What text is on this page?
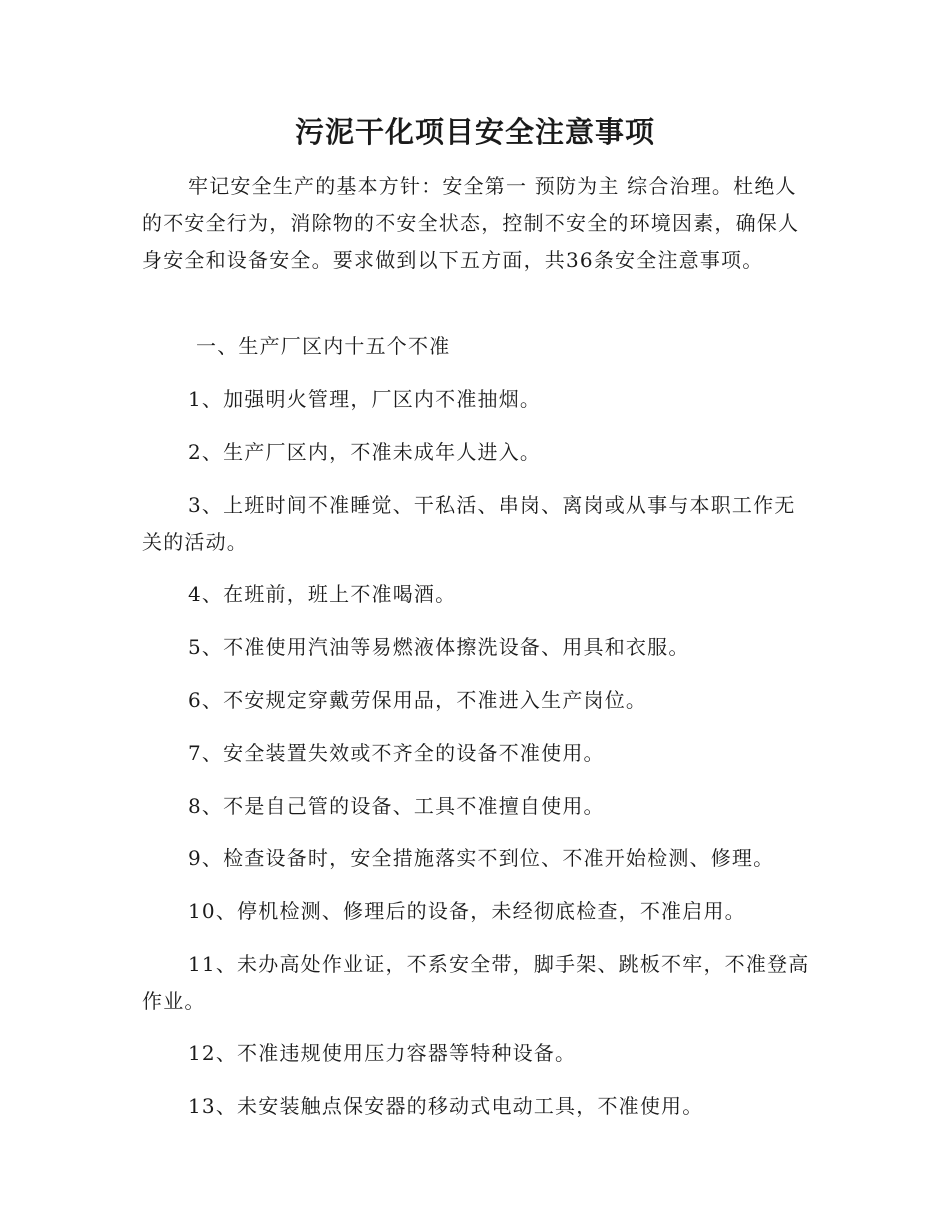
污泥干化项目安全注意事项

牢记安全生产的基本方针：安全第一 预防为主 综合治理。杜绝人的不安全行为，消除物的不安全状态，控制不安全的环境因素，确保人身安全和设备安全。要求做到以下五方面，共36条安全注意事项。

一、生产厂区内十五个不准

1、加强明火管理，厂区内不准抽烟。

2、生产厂区内，不准未成年人进入。

3、上班时间不准睡觉、干私活、串岗、离岗或从事与本职工作无关的活动。

4、在班前，班上不准喝酒。

5、不准使用汽油等易燃液体擦洗设备、用具和衣服。

6、不安规定穿戴劳保用品，不准进入生产岗位。

7、安全装置失效或不齐全的设备不准使用。

8、不是自己管的设备、工具不准擅自使用。

9、检查设备时，安全措施落实不到位、不准开始检测、修理。

10、停机检测、修理后的设备，未经彻底检查，不准启用。

11、未办高处作业证，不系安全带，脚手架、跳板不牢，不准登高作业。

12、不准违规使用压力容器等特种设备。

13、未安装触点保安器的移动式电动工具，不准使用。
